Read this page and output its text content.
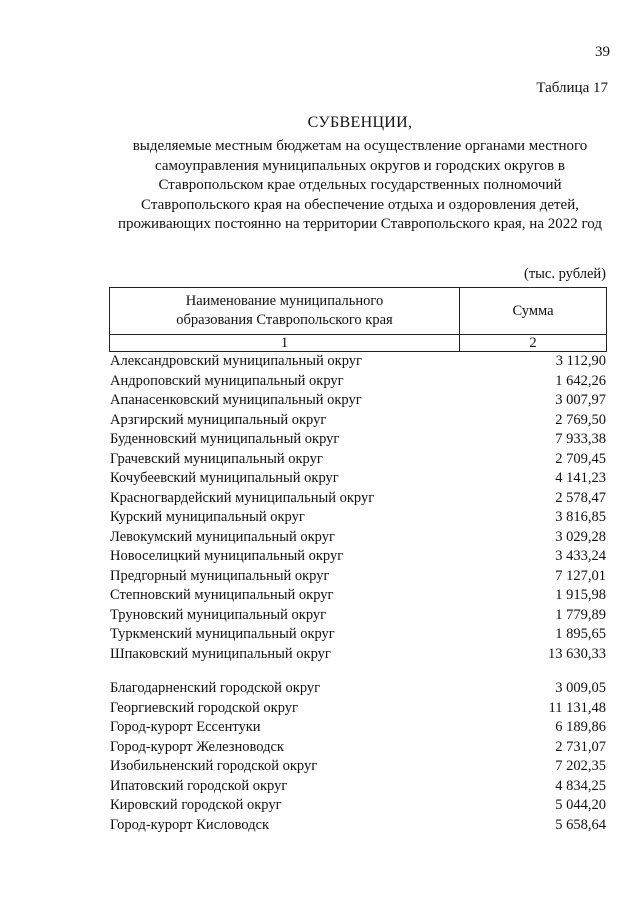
39
Таблица 17
СУБВЕНЦИИ,
выделяемые местным бюджетам на осуществление органами местного
самоуправления муниципальных округов и городских округов в
Ставропольском крае отдельных государственных полномочий
Ставропольского края на обеспечение отдыха и оздоровления детей,
проживающих постоянно на территории Ставропольского края, на 2022 год
(тыс. рублей)
Наименование муниципального
образования Ставропольского края	Сумма
1	2
Александровский муниципальный округ	3 112,90
Андроповский муниципальный округ	1 642,26
Апанасенковский муниципальный округ	3 007,97
Арзгирский муниципальный округ	2 769,50
Буденновский муниципальный округ	7 933,38
Грачевский муниципальный округ	2 709,45
Кочубеевский муниципальный округ	4 141,23
Красногвардейский муниципальный округ	2 578,47
Курский муниципальный округ	3 816,85
Левокумский муниципальный округ	3 029,28
Новоселицкий муниципальный округ	3 433,24
Предгорный муниципальный округ	7 127,01
Степновский муниципальный округ	1 915,98
Труновский муниципальный округ	1 779,89
Туркменский муниципальный округ	1 895,65
Шпаковский муниципальный округ	13 630,33
Благодарненский городской округ	3 009,05
Георгиевский городской округ	11 131,48
Город-курорт Ессентуки	6 189,86
Город-курорт Железноводск	2 731,07
Изобильненский городской округ	7 202,35
Ипатовский городской округ	4 834,25
Кировский городской округ	5 044,20
Город-курорт Кисловодск	5 658,64
